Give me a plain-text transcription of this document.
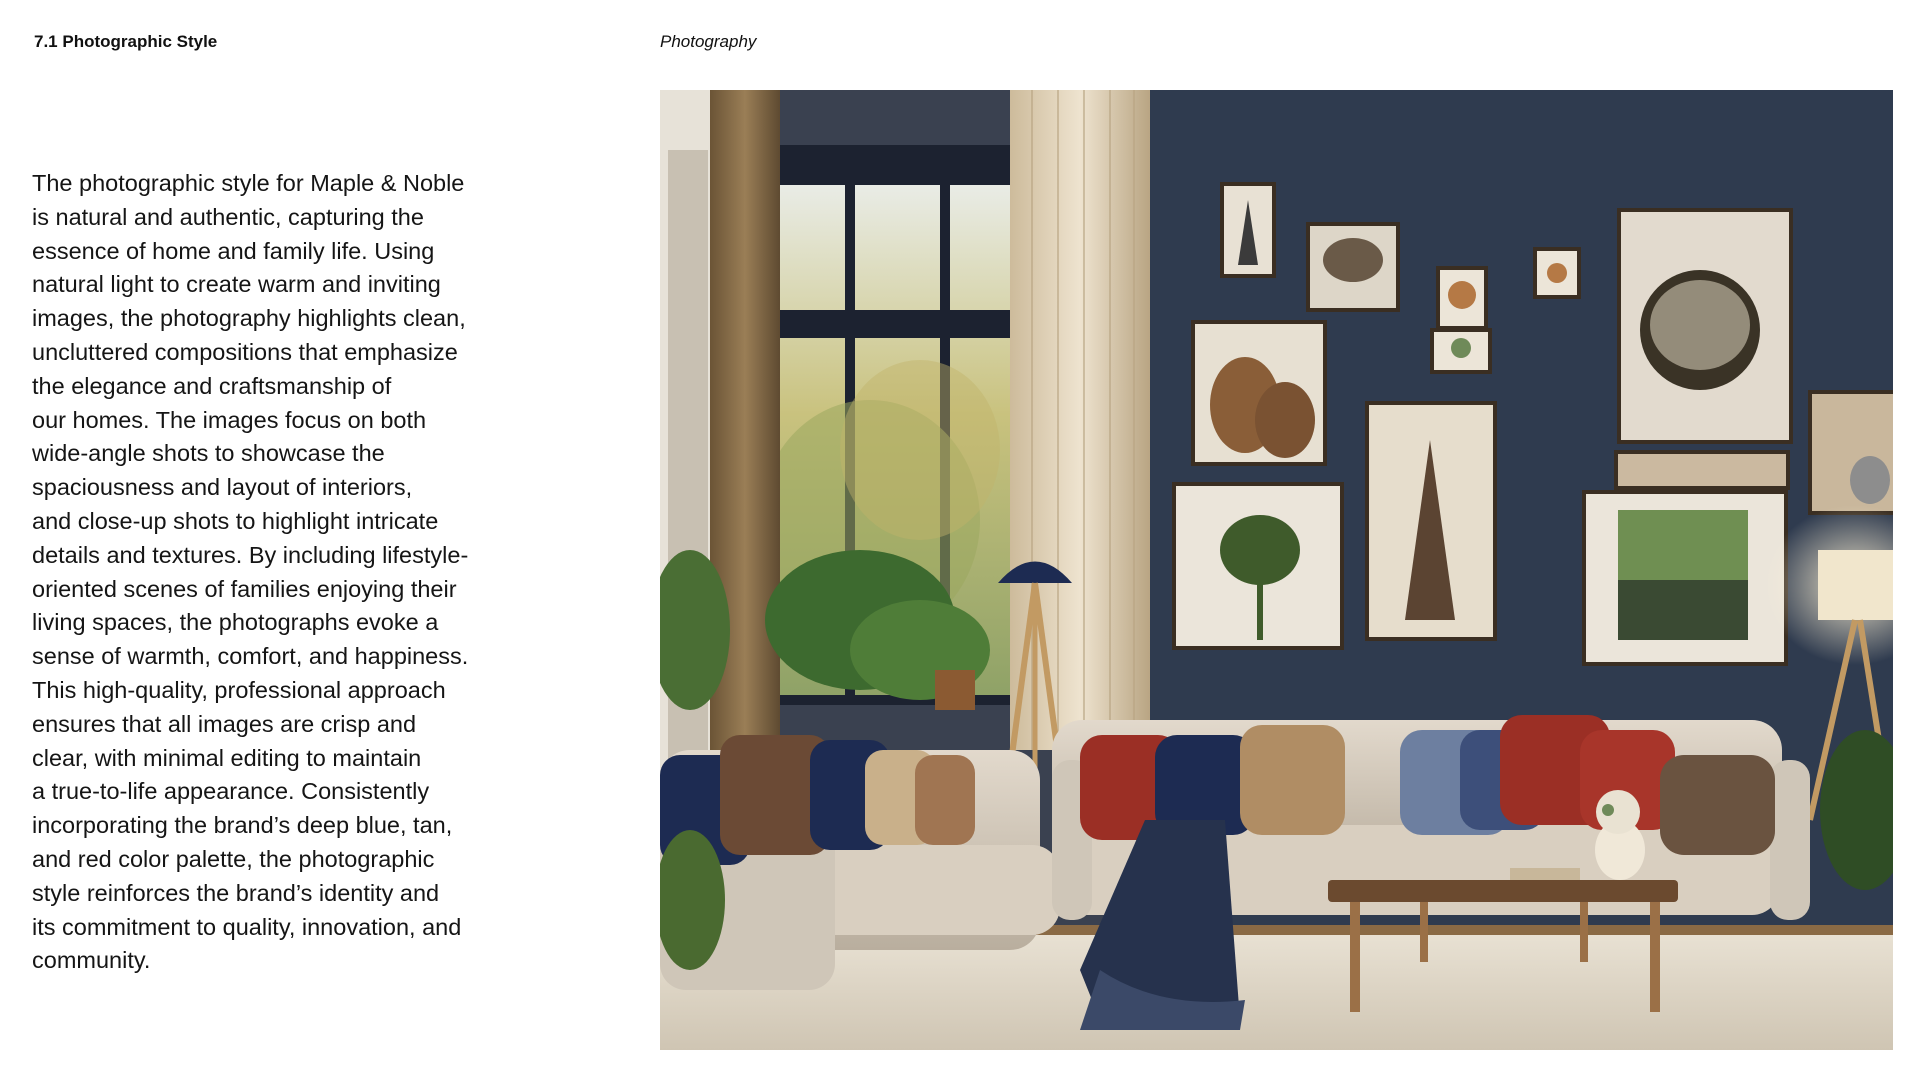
7.1 Photographic Style	Photography
The photographic style for Maple & Noble
is natural and authentic, capturing the
essence of home and family life. Using
natural light to create warm and inviting
images, the photography highlights clean,
uncluttered compositions that emphasize
the elegance and craftsmanship of
our homes. The images focus on both
wide-angle shots to showcase the
spaciousness and layout of interiors,
and close-up shots to highlight intricate
details and textures. By including lifestyle-
oriented scenes of families enjoying their
living spaces, the photographs evoke a
sense of warmth, comfort, and happiness.
This high-quality, professional approach
ensures that all images are crisp and
clear, with minimal editing to maintain
a true-to-life appearance. Consistently
incorporating the brand’s deep blue, tan,
and red color palette, the photographic
style reinforces the brand’s identity and
its commitment to quality, innovation, and
community.
